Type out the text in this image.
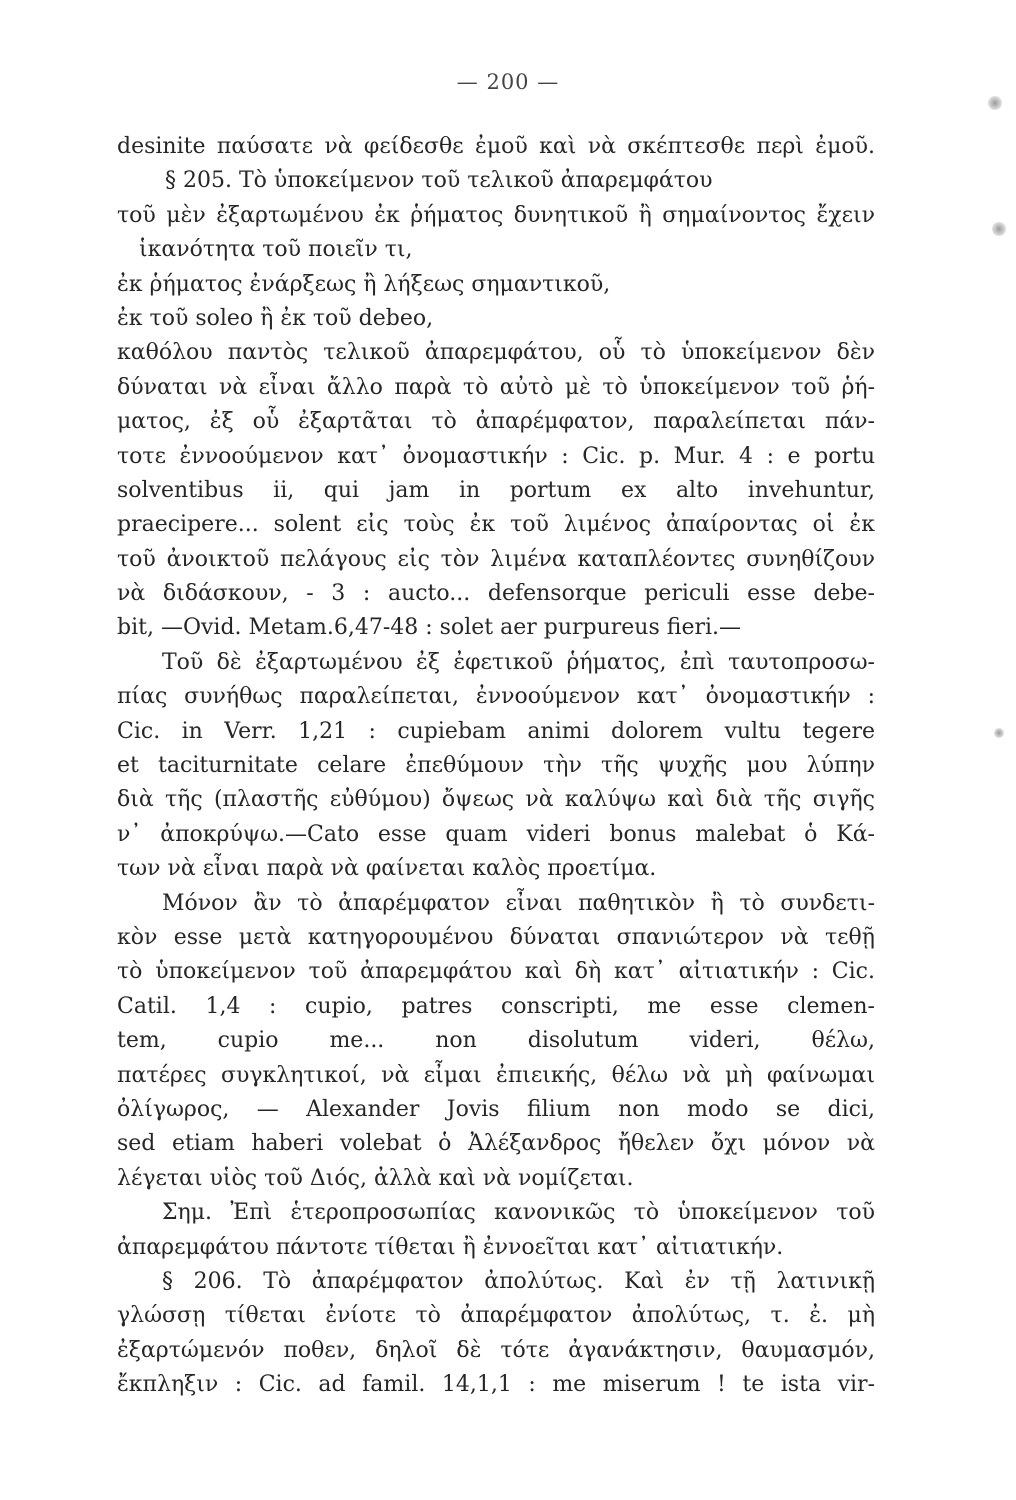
— 200 —
desinite παύσατε νὰ φείδεσθε ἐμοῦ καὶ νὰ σκέπτεσθε περὶ ἐμοῦ.
§ 205. Τὸ ὑποκείμενον τοῦ τελικοῦ ἀπαρεμφάτου
τοῦ μὲν ἐξαρτωμένου ἐκ ῥήματος δυνητικοῦ ἢ σημαίνοντος ἔχειν
ἱκανότητα τοῦ ποιεῖν τι,
ἐκ ῥήματος ἐνάρξεως ἢ λήξεως σημαντικοῦ,
ἐκ τοῦ soleo ἢ ἐκ τοῦ debeo,
καθόλου παντὸς τελικοῦ ἀπαρεμφάτου, οὗ τὸ ὑποκείμενον δὲν
δύναται νὰ εἶναι ἄλλο παρὰ τὸ αὐτὸ μὲ τὸ ὑποκείμενον τοῦ ῥή-
ματος, ἐξ οὗ ἐξαρτᾶται τὸ ἀπαρέμφατον, παραλείπεται πάν-
τοτε ἐννοούμενον κατ᾿ ὀνομαστικήν : Cic. p. Mur. 4 : e portu
solventibus ii, qui jam in portum ex alto invehuntur,
praecipere... solent εἰς τοὺς ἐκ τοῦ λιμένος ἀπαίροντας οἱ ἐκ
τοῦ ἀνοικτοῦ πελάγους εἰς τὸν λιμένα καταπλέοντες συνηθίζουν
νὰ διδάσκουν, - 3 : aucto... defensorque periculi esse debe-
bit, —Ovid. Metam.6,47-48 : solet aer purpureus fieri.—
Τοῦ δὲ ἐξαρτωμένου ἐξ ἐφετικοῦ ῥήματος, ἐπὶ ταυτοπροσω-
πίας συνήθως παραλείπεται, ἐννοούμενον κατ᾿ ὀνομαστικήν :
Cic. in Verr. 1,21 : cupiebam animi dolorem vultu tegere
et taciturnitate celare ἐπεθύμουν τὴν τῆς ψυχῆς μου λύπην
διὰ τῆς (πλαστῆς εὐθύμου) ὄψεως νὰ καλύψω καὶ διὰ τῆς σιγῆς
ν᾿ ἀποκρύψω.—Cato esse quam videri bonus malebat ὁ Κά-
των νὰ εἶναι παρὰ νὰ φαίνεται καλὸς προετίμα.
Μόνον ἂν τὸ ἀπαρέμφατον εἶναι παθητικὸν ἢ τὸ συνδετι-
κὸν esse μετὰ κατηγορουμένου δύναται σπανιώτερον νὰ τεθῇ
τὸ ὑποκείμενον τοῦ ἀπαρεμφάτου καὶ δὴ κατ᾿ αἰτιατικήν : Cic.
Catil. 1,4 : cupio, patres conscripti, me esse clemen-
tem, cupio me... non disolutum videri, θέλω,
πατέρες συγκλητικοί, νὰ εἶμαι ἐπιεικής, θέλω νὰ μὴ φαίνωμαι
ὀλίγωρος, — Alexander Jovis filium non modo se dici,
sed etiam haberi volebat ὁ Ἀλέξανδρος ἤθελεν ὄχι μόνον νὰ
λέγεται υἱὸς τοῦ Διός, ἀλλὰ καὶ νὰ νομίζεται.
Σημ. Ἐπὶ ἑτεροπροσωπίας κανονικῶς τὸ ὑποκείμενον τοῦ
ἀπαρεμφάτου πάντοτε τίθεται ἢ ἐννοεῖται κατ᾿ αἰτιατικήν.
§ 206. Τὸ ἀπαρέμφατον ἀπολύτως. Καὶ ἐν τῇ λατινικῇ
γλώσσῃ τίθεται ἐνίοτε τὸ ἀπαρέμφατον ἀπολύτως, τ. ἐ. μὴ
ἐξαρτώμενόν ποθεν, δηλοῖ δὲ τότε ἀγανάκτησιν, θαυμασμόν,
ἔκπληξιν : Cic. ad famil. 14,1,1 : me miserum ! te ista vir-
